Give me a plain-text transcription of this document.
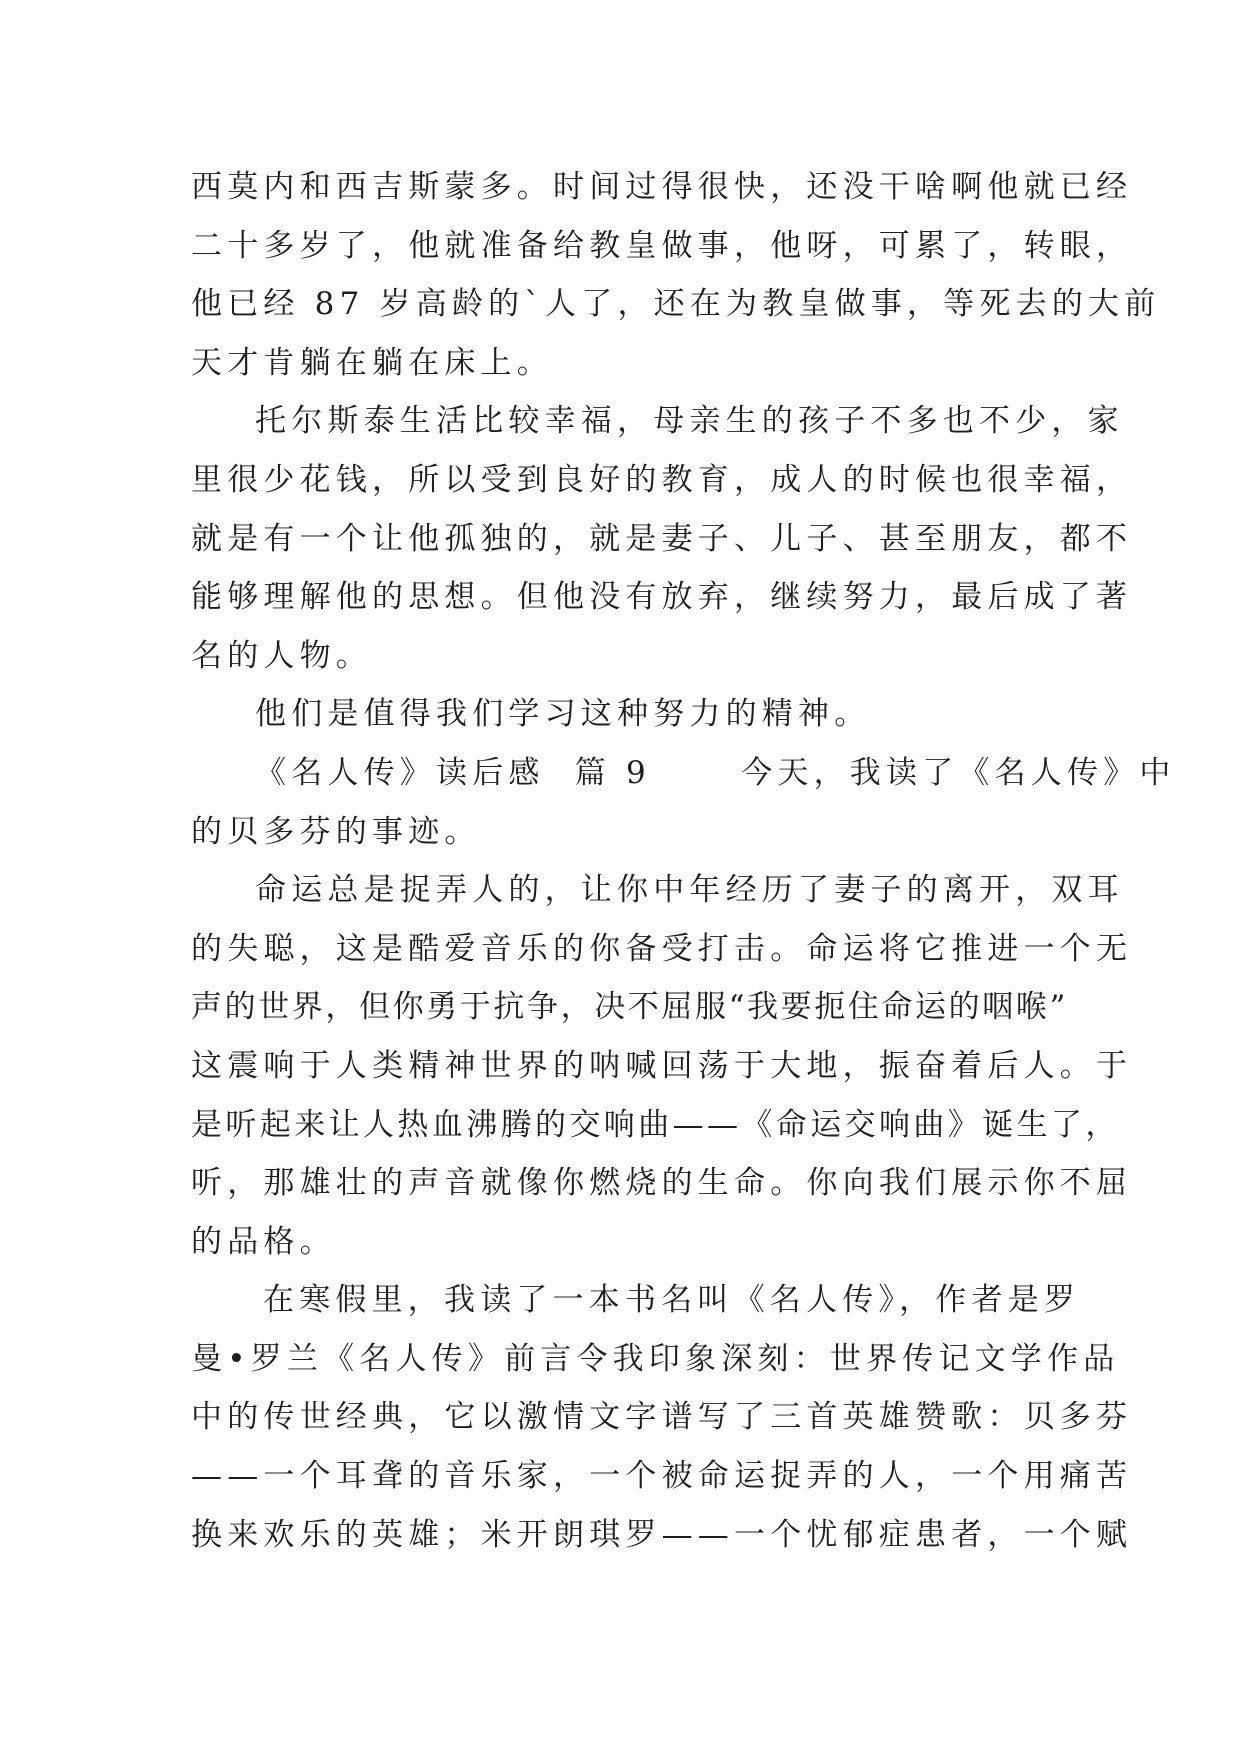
西莫内和西吉斯蒙多。时间过得很快，还没干啥啊他就已经
二十多岁了，他就准备给教皇做事，他呀，可累了，转眼，
他已经 87 岁高龄的`人了，还在为教皇做事，等死去的大前
天才肯躺在躺在床上。
托尔斯泰生活比较幸福，母亲生的孩子不多也不少，家
里很少花钱，所以受到良好的教育，成人的时候也很幸福，
就是有一个让他孤独的，就是妻子、儿子、甚至朋友，都不
能够理解他的思想。但他没有放弃，继续努力，最后成了著
名的人物。
他们是值得我们学习这种努力的精神。
《名人传》读后感  篇 9      今天，我读了《名人传》中
的贝多芬的事迹。
命运总是捉弄人的，让你中年经历了妻子的离开，双耳
的失聪，这是酷爱音乐的你备受打击。命运将它推进一个无
声的世界，但你勇于抗争，决不屈服“我要扼住命运的咽喉”
这震响于人类精神世界的呐喊回荡于大地，振奋着后人。于
是听起来让人热血沸腾的交响曲——《命运交响曲》诞生了，
听，那雄壮的声音就像你燃烧的生命。你向我们展示你不屈
的品格。
在寒假里，我读了一本书名叫《名人传》，作者是罗
曼•罗兰《名人传》前言令我印象深刻：世界传记文学作品
中的传世经典，它以激情文字谱写了三首英雄赞歌：贝多芬
——一个耳聋的音乐家，一个被命运捉弄的人，一个用痛苦
换来欢乐的英雄；米开朗琪罗——一个忧郁症患者，一个赋
